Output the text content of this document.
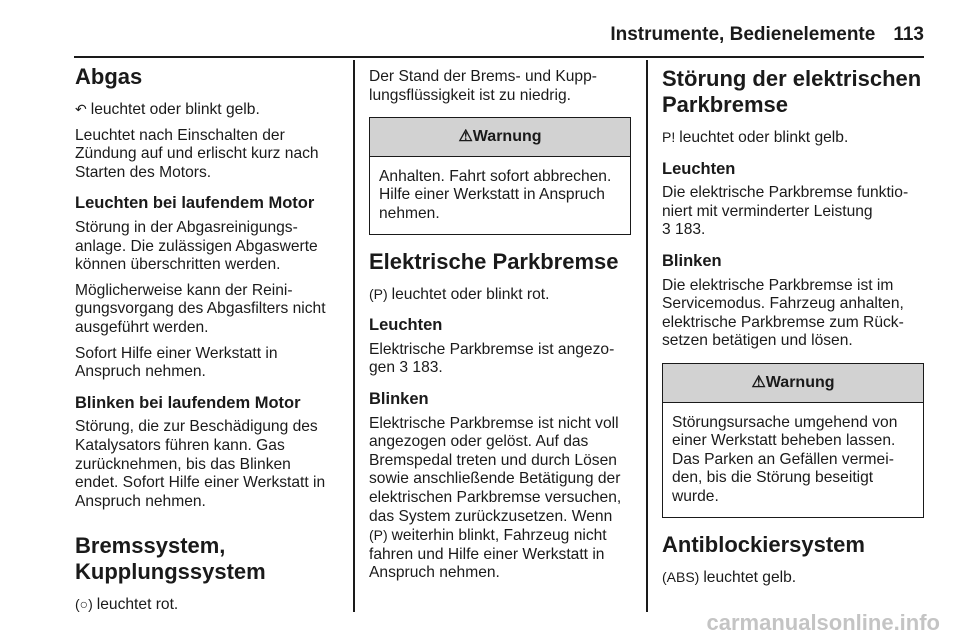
Instrumente, Bedienelemente 113
Abgas

↶ leuchtet oder blinkt gelb.

Leuchtet nach Einschalten der Zündung auf und erlischt kurz nach Starten des Motors.

Leuchten bei laufendem Motor

Störung in der Abgasreinigungsanlage. Die zulässigen Abgaswerte können überschritten werden.

Möglicherweise kann der Reinigungsvorgang des Abgasfilters nicht ausgeführt werden.

Sofort Hilfe einer Werkstatt in Anspruch nehmen.

Blinken bei laufendem Motor

Störung, die zur Beschädigung des Katalysators führen kann. Gas zurücknehmen, bis das Blinken endet. Sofort Hilfe einer Werkstatt in Anspruch nehmen.

Bremssystem, Kupplungssystem

(○) leuchtet rot.

Der Stand der Brems- und Kupplungsflüssigkeit ist zu niedrig.

⚠Warnung
Anhalten. Fahrt sofort abbrechen. Hilfe einer Werkstatt in Anspruch nehmen.
Elektrische Parkbremse

(P) leuchtet oder blinkt rot.

Leuchten

Elektrische Parkbremse ist angezogen 3 183.

Blinken

Elektrische Parkbremse ist nicht voll angezogen oder gelöst. Auf das Bremspedal treten und durch Lösen sowie anschließende Betätigung der elektrischen Parkbremse versuchen, das System zurückzusetzen. Wenn (P) weiterhin blinkt, Fahrzeug nicht fahren und Hilfe einer Werkstatt in Anspruch nehmen.

Störung der elektrischen Parkbremse

P! leuchtet oder blinkt gelb.

Leuchten

Die elektrische Parkbremse funktioniert mit verminderter Leistung
3 183.

Blinken

Die elektrische Parkbremse ist im Servicemodus. Fahrzeug anhalten, elektrische Parkbremse zum Rücksetzen betätigen und lösen.

⚠Warnung
Störungsursache umgehend von einer Werkstatt beheben lassen. Das Parken an Gefällen vermeiden, bis die Störung beseitigt wurde.
Antiblockiersystem

(ABS) leuchtet gelb.

carmanualsonline.info
